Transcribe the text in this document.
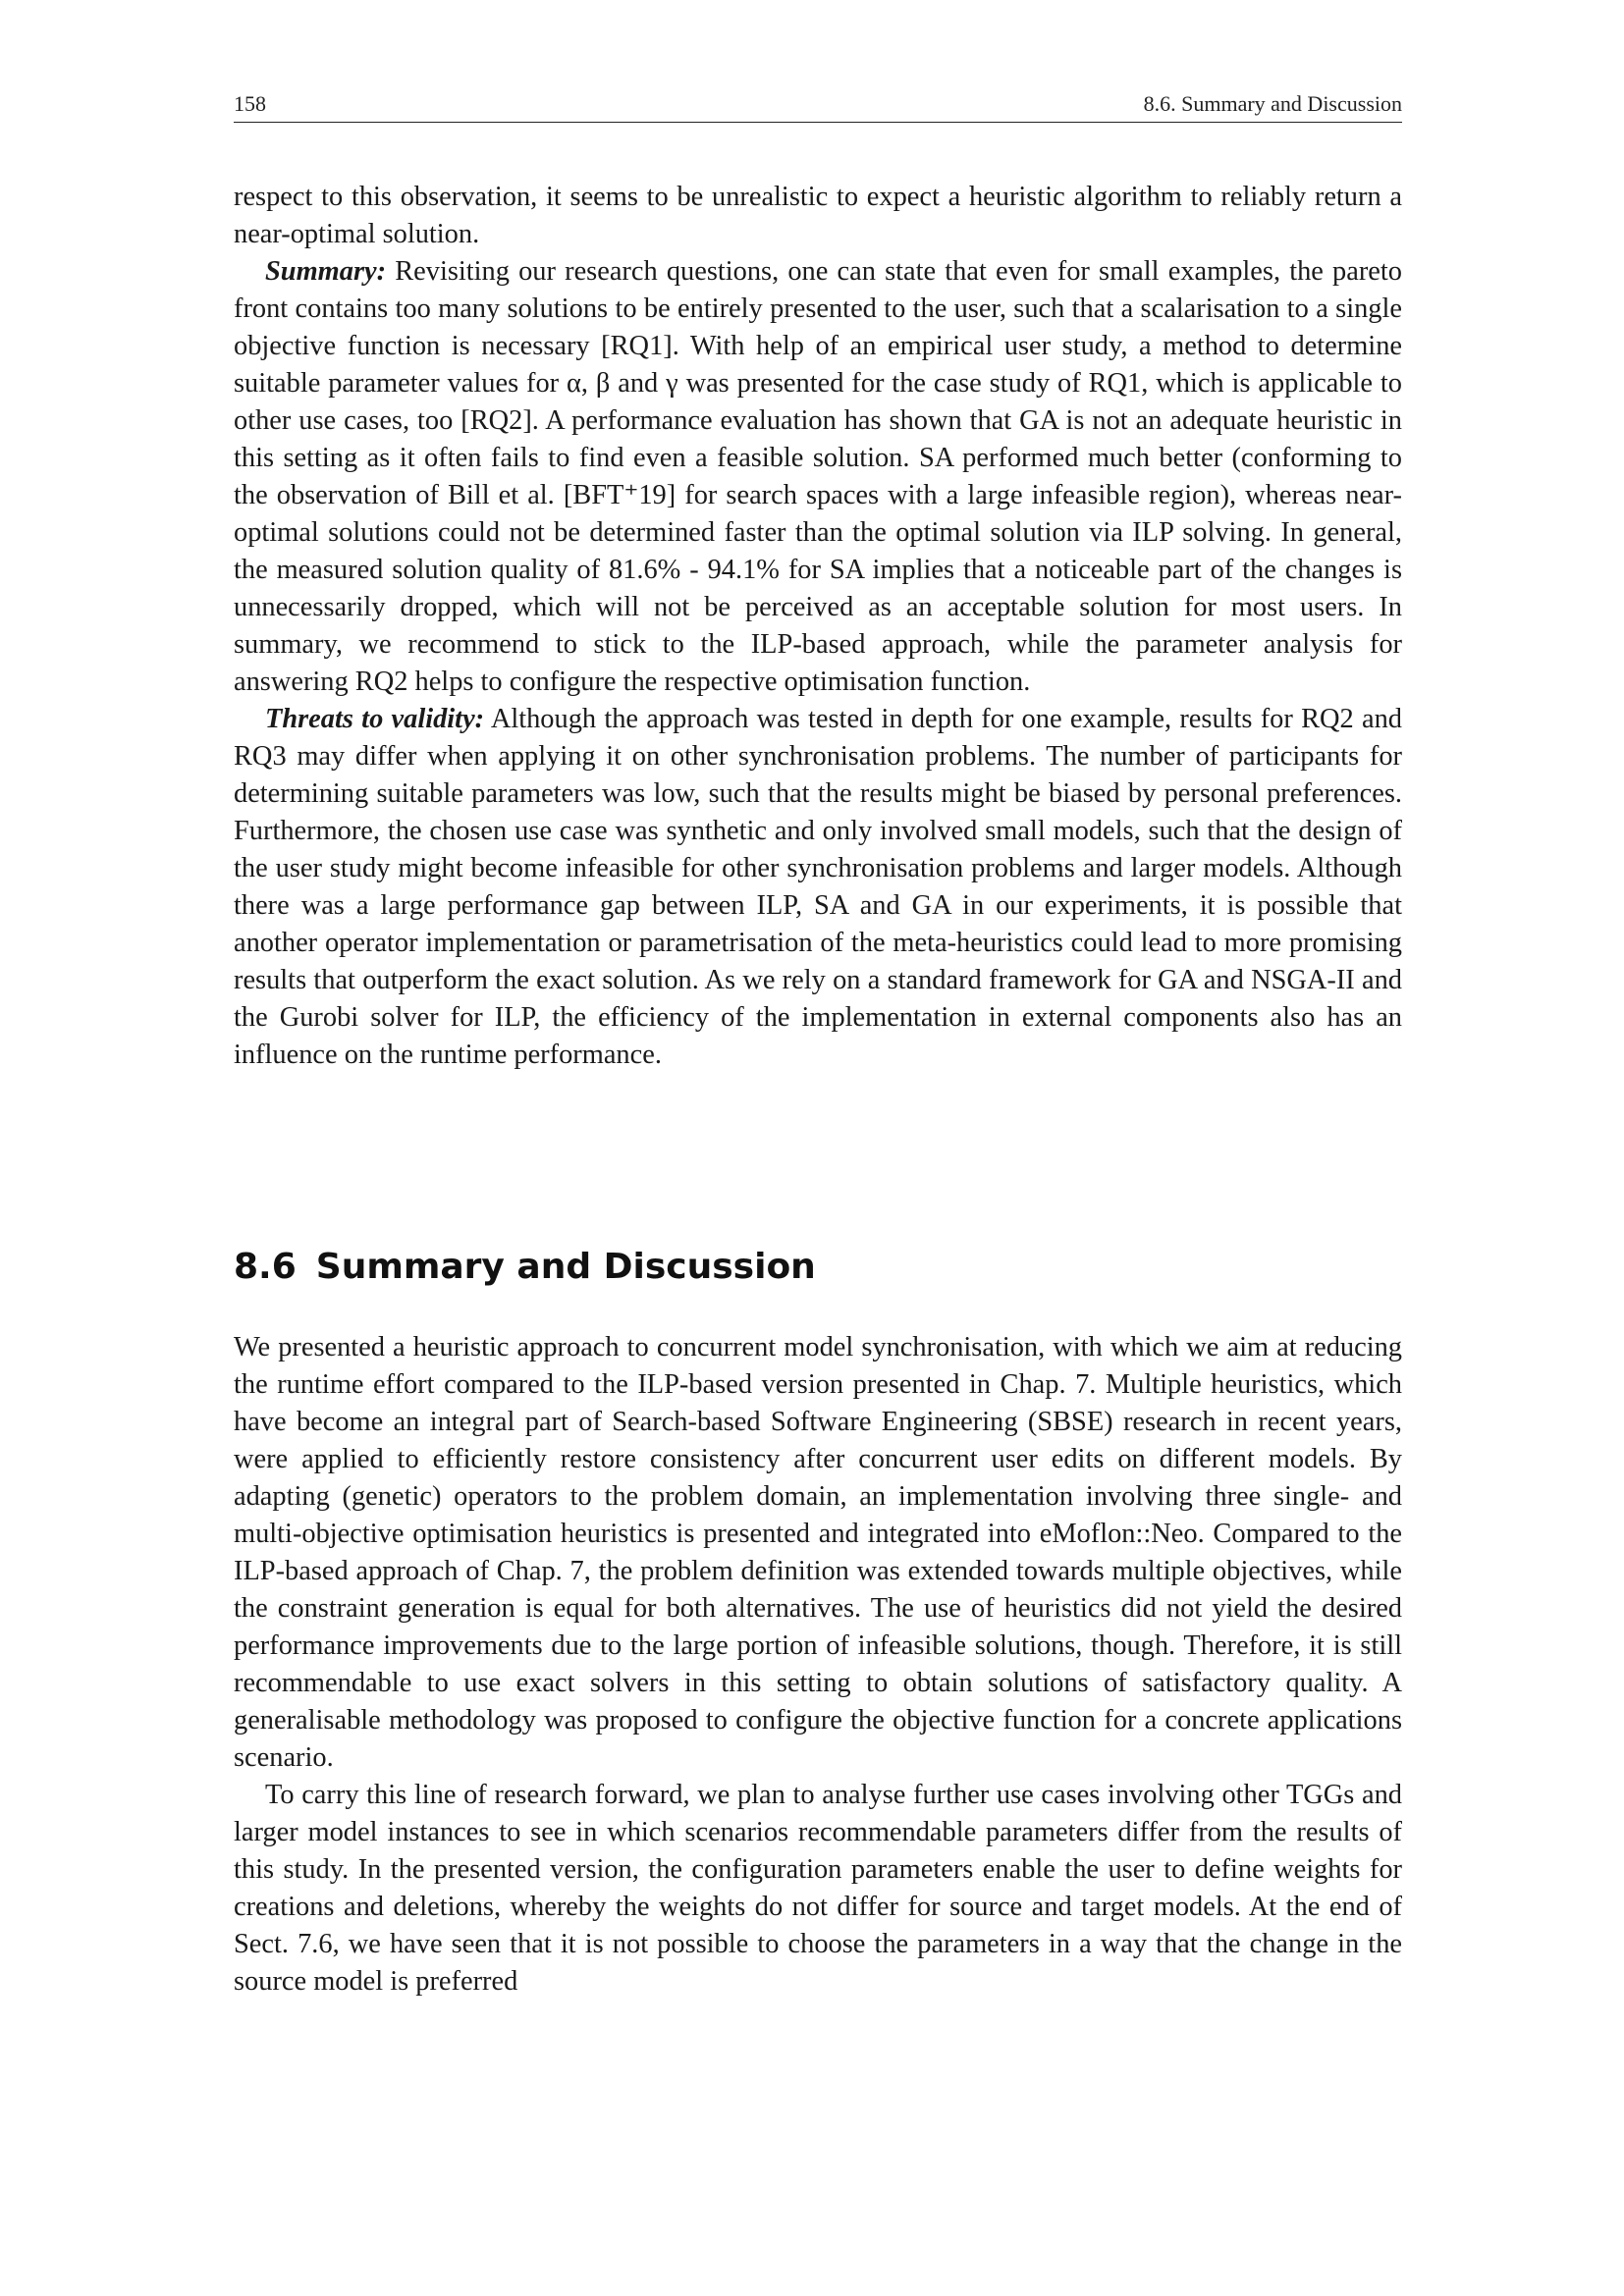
158	8.6. Summary and Discussion

respect to this observation, it seems to be unrealistic to expect a heuristic algorithm to reliably return a near-optimal solution.

Summary: Revisiting our research questions, one can state that even for small examples, the pareto front contains too many solutions to be entirely presented to the user, such that a scalarisation to a single objective function is necessary [RQ1]. With help of an empirical user study, a method to determine suitable parameter values for α, β and γ was presented for the case study of RQ1, which is applicable to other use cases, too [RQ2]. A performance evaluation has shown that GA is not an adequate heuristic in this setting as it often fails to find even a feasible solution. SA performed much better (conforming to the observation of Bill et al. [BFT⁺19] for search spaces with a large infeasible region), whereas near-optimal solutions could not be determined faster than the optimal solution via ILP solving. In general, the measured solution quality of 81.6% - 94.1% for SA implies that a noticeable part of the changes is unnecessarily dropped, which will not be perceived as an acceptable solution for most users. In summary, we recommend to stick to the ILP-based approach, while the parameter analysis for answering RQ2 helps to configure the respective optimisation function.

Threats to validity: Although the approach was tested in depth for one example, results for RQ2 and RQ3 may differ when applying it on other synchronisation problems. The number of participants for determining suitable parameters was low, such that the results might be biased by personal preferences. Furthermore, the chosen use case was synthetic and only involved small models, such that the design of the user study might become infeasible for other synchronisation problems and larger models. Although there was a large performance gap between ILP, SA and GA in our experiments, it is possible that another operator implementation or parametrisation of the meta-heuristics could lead to more promising results that outperform the exact solution. As we rely on a standard framework for GA and NSGA-II and the Gurobi solver for ILP, the efficiency of the implementation in external components also has an influence on the runtime performance.

8.6 Summary and Discussion

We presented a heuristic approach to concurrent model synchronisation, with which we aim at reducing the runtime effort compared to the ILP-based version presented in Chap. 7. Multiple heuristics, which have become an integral part of Search-based Software Engineering (SBSE) research in recent years, were applied to efficiently restore consistency after concurrent user edits on different models. By adapting (genetic) operators to the problem domain, an implementation involving three single- and multi-objective optimisation heuristics is presented and integrated into eMoflon::Neo. Compared to the ILP-based approach of Chap. 7, the problem definition was extended towards multiple objectives, while the constraint generation is equal for both alternatives. The use of heuristics did not yield the desired performance improvements due to the large portion of infeasible solutions, though. Therefore, it is still recommendable to use exact solvers in this setting to obtain solutions of satisfactory quality. A generalisable methodology was proposed to configure the objective function for a concrete applications scenario.

To carry this line of research forward, we plan to analyse further use cases involving other TGGs and larger model instances to see in which scenarios recommendable parameters differ from the results of this study. In the presented version, the configuration parameters enable the user to define weights for creations and deletions, whereby the weights do not differ for source and target models. At the end of Sect. 7.6, we have seen that it is not possible to choose the parameters in a way that the change in the source model is preferred
